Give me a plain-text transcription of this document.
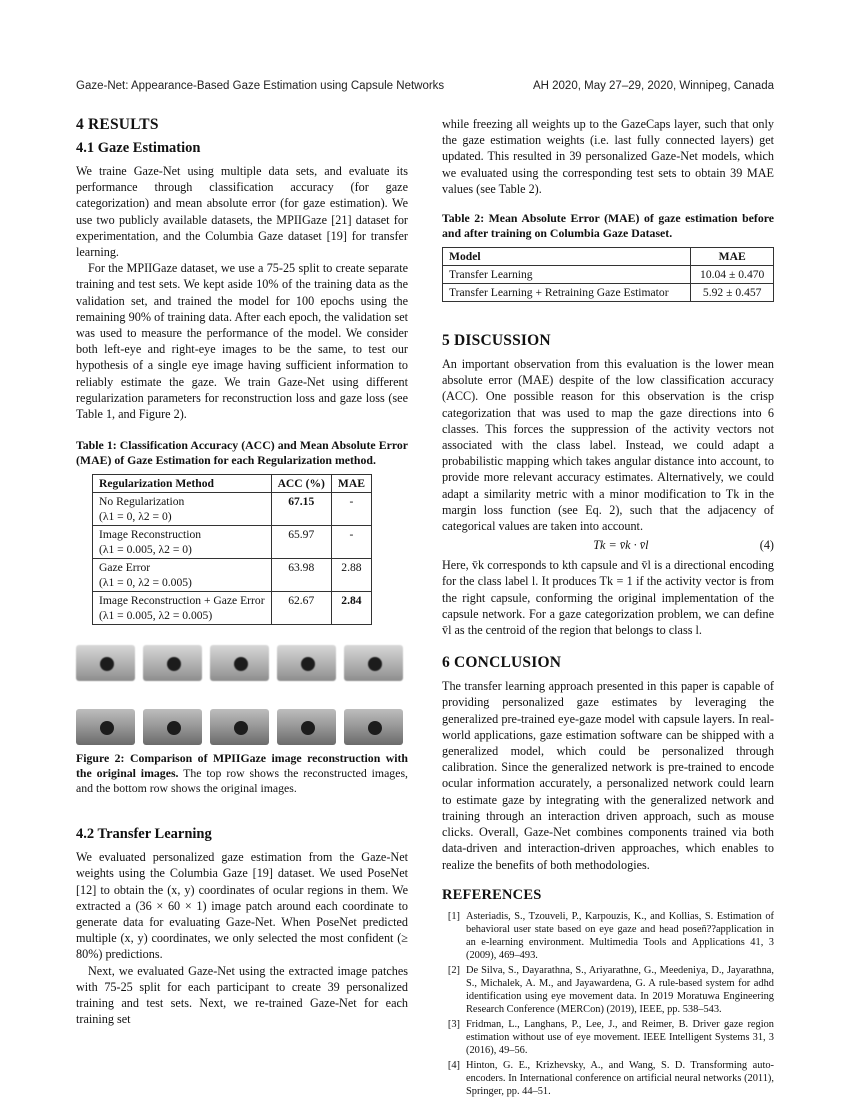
Gaze-Net: Appearance-Based Gaze Estimation using Capsule Networks	AH 2020, May 27–29, 2020, Winnipeg, Canada
4 RESULTS
4.1 Gaze Estimation

We traine Gaze-Net using multiple data sets, and evaluate its performance through classification accuracy (for gaze categorization) and mean absolute error (for gaze estimation). We use two publicly available datasets, the MPIIGaze [21] dataset for experimentation, and the Columbia Gaze dataset [19] for transfer learning.

For the MPIIGaze dataset, we use a 75-25 split to create separate training and test sets. We kept aside 10% of the training data as the validation set, and trained the model for 100 epochs using the remaining 90% of training data. After each epoch, the validation set was used to measure the performance of the model. We consider both left-eye and right-eye images to be the same, to test our hypothesis of a single eye image having sufficient information to reliably estimate the gaze. We train Gaze-Net using different regularization parameters for reconstruction loss and gaze loss (see Table 1, and Figure 2).

Table 1: Classification Accuracy (ACC) and Mean Absolute Error (MAE) of Gaze Estimation for each Regularization method.

Regularization Method	ACC (%)	MAE
No Regularization
(λ1 = 0, λ2 = 0)	67.15	-
Image Reconstruction
(λ1 = 0.005, λ2 = 0)	65.97	-
Gaze Error
(λ1 = 0, λ2 = 0.005)	63.98	2.88
Image Reconstruction + Gaze Error
(λ1 = 0.005, λ2 = 0.005)	62.67	2.84

Figure 2: Comparison of MPIIGaze image reconstruction with the original images. The top row shows the reconstructed images, and the bottom row shows the original images.

4.2 Transfer Learning

We evaluated personalized gaze estimation from the Gaze-Net weights using the Columbia Gaze [19] dataset. We used PoseNet [12] to obtain the (x, y) coordinates of ocular regions in them. We extracted a (36 × 60 × 1) image patch around each coordinate to generate data for evaluating Gaze-Net. When PoseNet predicted multiple (x, y) coordinates, we only selected the most confident (≥ 80%) predictions.

Next, we evaluated Gaze-Net using the extracted image patches with 75-25 split for each participant to create 39 personalized training and test sets. Next, we re-trained Gaze-Net for each training set

while freezing all weights up to the GazeCaps layer, such that only the gaze estimation weights (i.e. last fully connected layers) get updated. This resulted in 39 personalized Gaze-Net models, which we evaluated using the corresponding test sets to obtain 39 MAE values (see Table 2).

Table 2: Mean Absolute Error (MAE) of gaze estimation before and after training on Columbia Gaze Dataset.

Model	MAE
Transfer Learning	10.04 ± 0.470
Transfer Learning + Retraining Gaze Estimator	5.92 ± 0.457
5 DISCUSSION

An important observation from this evaluation is the lower mean absolute error (MAE) despite of the low classification accuracy (ACC). One possible reason for this observation is the crisp categorization that was used to map the gaze directions into 6 classes. This forces the suppression of the activity vectors not associated with the class label. Instead, we could adapt a probabilistic mapping which takes angular distance into account, to provide more relevant accuracy estimates. Alternatively, we could adapt a similarity metric with a minor modification to Tk in the margin loss function (see Eq. 2), such that the adjacency of categorical values are taken into account.

Tk = v̄k · v̄l	(4)

Here, v̄k corresponds to kth capsule and v̄l is a directional encoding for the class label l. It produces Tk = 1 if the activity vector is from the right capsule, conforming the original implementation of the capsule network. For a gaze categorization problem, we can define v̄l as the centroid of the region that belongs to class l.

6 CONCLUSION

The transfer learning approach presented in this paper is capable of providing personalized gaze estimates by leveraging the generalized pre-trained eye-gaze model with capsule layers. In real-world applications, gaze estimation software can be shipped with a generalized model, which could be personalized through calibration. Since the generalized network is pre-trained to encode ocular information accurately, a personalized network could learn to estimate gaze by integrating with the generalized network and training through an interaction driven approach, such as mouse clicks. Overall, Gaze-Net combines components trained via both data-driven and interaction-driven approaches, which enables to realize the benefits of both methodologies.

REFERENCES
[1] Asteriadis, S., Tzouveli, P., Karpouzis, K., and Kollias, S. Estimation of behavioral user state based on eye gaze and head poseñ??application in an e-learning environment. Multimedia Tools and Applications 41, 3 (2009), 469–493.
[2] De Silva, S., Dayarathna, S., Ariyarathne, G., Meedeniya, D., Jayarathna, S., Michalek, A. M., and Jayawardena, G. A rule-based system for adhd identification using eye movement data. In 2019 Moratuwa Engineering Research Conference (MERCon) (2019), IEEE, pp. 538–543.
[3] Fridman, L., Langhans, P., Lee, J., and Reimer, B. Driver gaze region estimation without use of eye movement. IEEE Intelligent Systems 31, 3 (2016), 49–56.
[4] Hinton, G. E., Krizhevsky, A., and Wang, S. D. Transforming auto-encoders. In International conference on artificial neural networks (2011), Springer, pp. 44–51.
